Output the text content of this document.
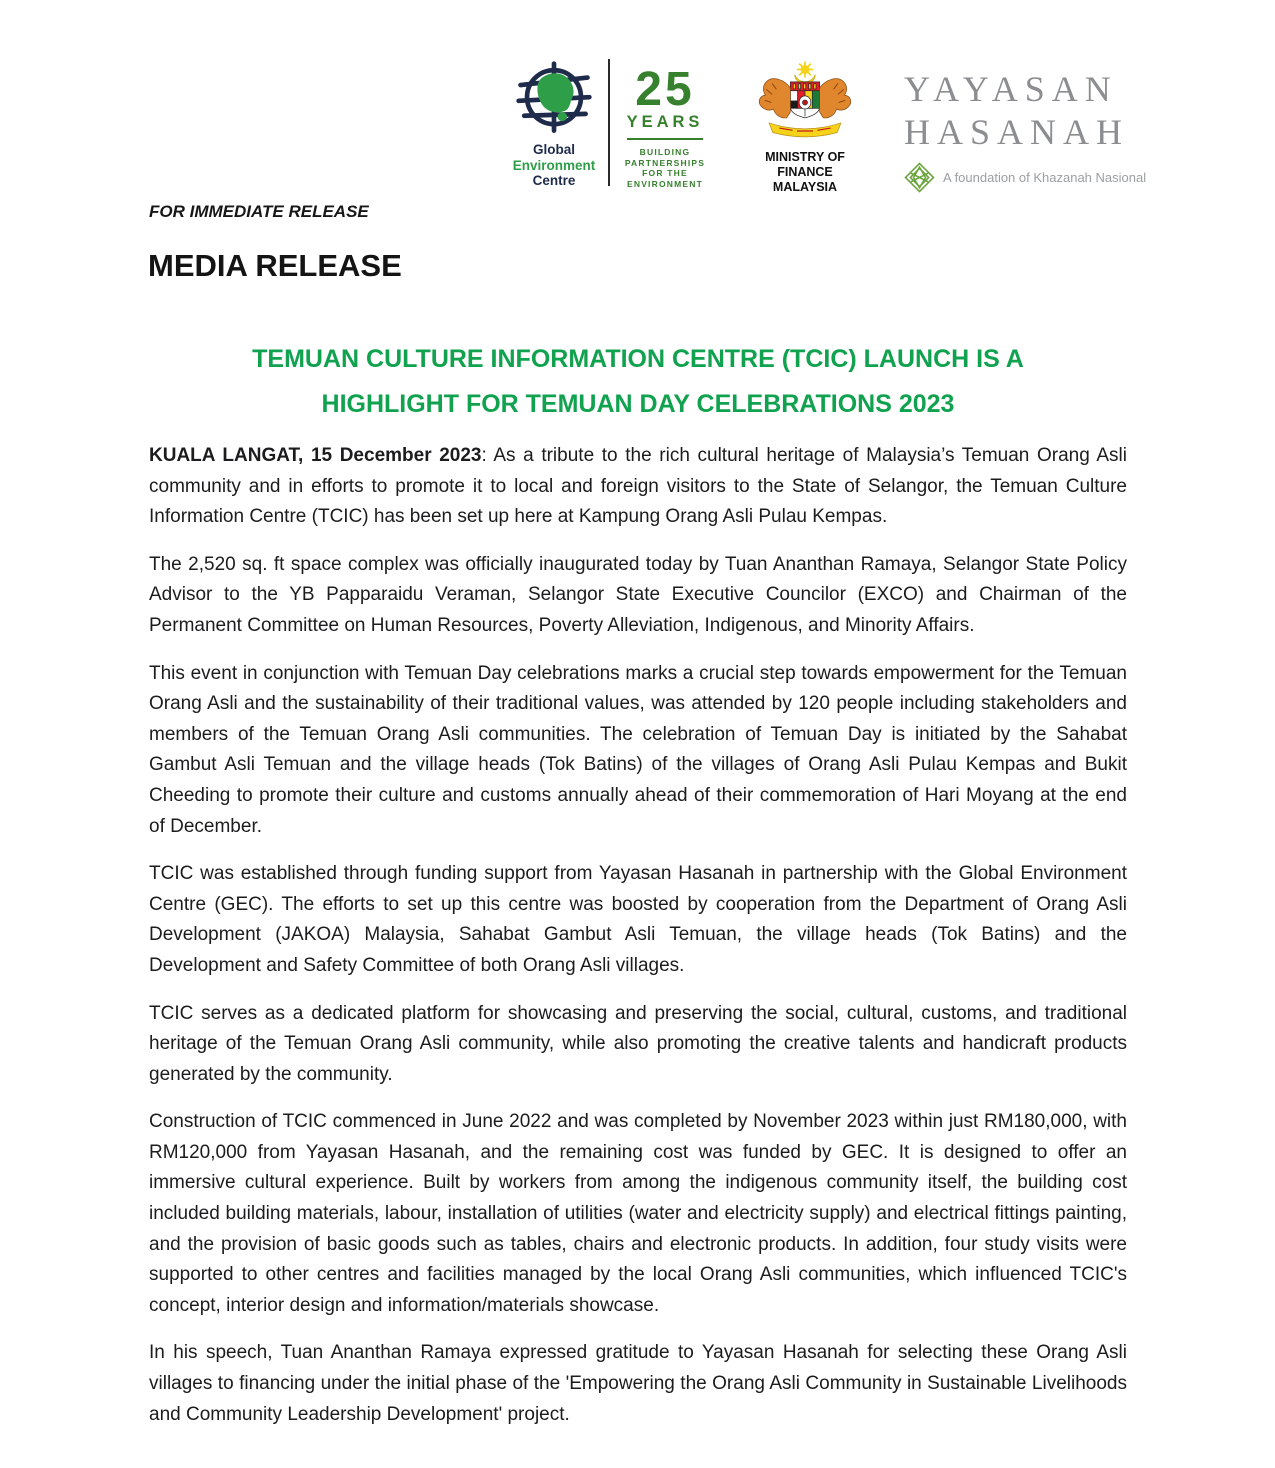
Global
Environment
Centre
25
YEARS
BUILDING
PARTNERSHIPS
FOR THE
ENVIRONMENT
MINISTRY OF FINANCE
MALAYSIA
YAYASAN
HASANAH
A foundation of Khazanah Nasional
FOR IMMEDIATE RELEASE
MEDIA RELEASE
TEMUAN CULTURE INFORMATION CENTRE (TCIC) LAUNCH IS A
HIGHLIGHT FOR TEMUAN DAY CELEBRATIONS 2023

KUALA LANGAT, 15 December 2023: As a tribute to the rich cultural heritage of Malaysia’s Temuan Orang Asli community and in efforts to promote it to local and foreign visitors to the State of Selangor, the Temuan Culture Information Centre (TCIC) has been set up here at Kampung Orang Asli Pulau Kempas.

The 2,520 sq. ft space complex was officially inaugurated today by Tuan Ananthan Ramaya, Selangor State Policy Advisor to the YB Papparaidu Veraman, Selangor State Executive Councilor (EXCO) and Chairman of the Permanent Committee on Human Resources, Poverty Alleviation, Indigenous, and Minority Affairs.

This event in conjunction with Temuan Day celebrations marks a crucial step towards empowerment for the Temuan Orang Asli and the sustainability of their traditional values, was attended by 120 people including stakeholders and members of the Temuan Orang Asli communities. The celebration of Temuan Day is initiated by the Sahabat Gambut Asli Temuan and the village heads (Tok Batins) of the villages of Orang Asli Pulau Kempas and Bukit Cheeding to promote their culture and customs annually ahead of their commemoration of Hari Moyang at the end of December.

TCIC was established through funding support from Yayasan Hasanah in partnership with the Global Environment Centre (GEC). The efforts to set up this centre was boosted by cooperation from the Department of Orang Asli Development (JAKOA) Malaysia, Sahabat Gambut Asli Temuan, the village heads (Tok Batins) and the Development and Safety Committee of both Orang Asli villages.

TCIC serves as a dedicated platform for showcasing and preserving the social, cultural, customs, and traditional heritage of the Temuan Orang Asli community, while also promoting the creative talents and handicraft products generated by the community.

Construction of TCIC commenced in June 2022 and was completed by November 2023 within just RM180,000, with RM120,000 from Yayasan Hasanah, and the remaining cost was funded by GEC. It is designed to offer an immersive cultural experience. Built by workers from among the indigenous community itself, the building cost included building materials, labour, installation of utilities (water and electricity supply) and electrical fittings painting, and the provision of basic goods such as tables, chairs and electronic products. In addition, four study visits were supported to other centres and facilities managed by the local Orang Asli communities, which influenced TCIC's concept, interior design and information/materials showcase.

In his speech, Tuan Ananthan Ramaya expressed gratitude to Yayasan Hasanah for selecting these Orang Asli villages to financing under the initial phase of the 'Empowering the Orang Asli Community in Sustainable Livelihoods and Community Leadership Development' project.
